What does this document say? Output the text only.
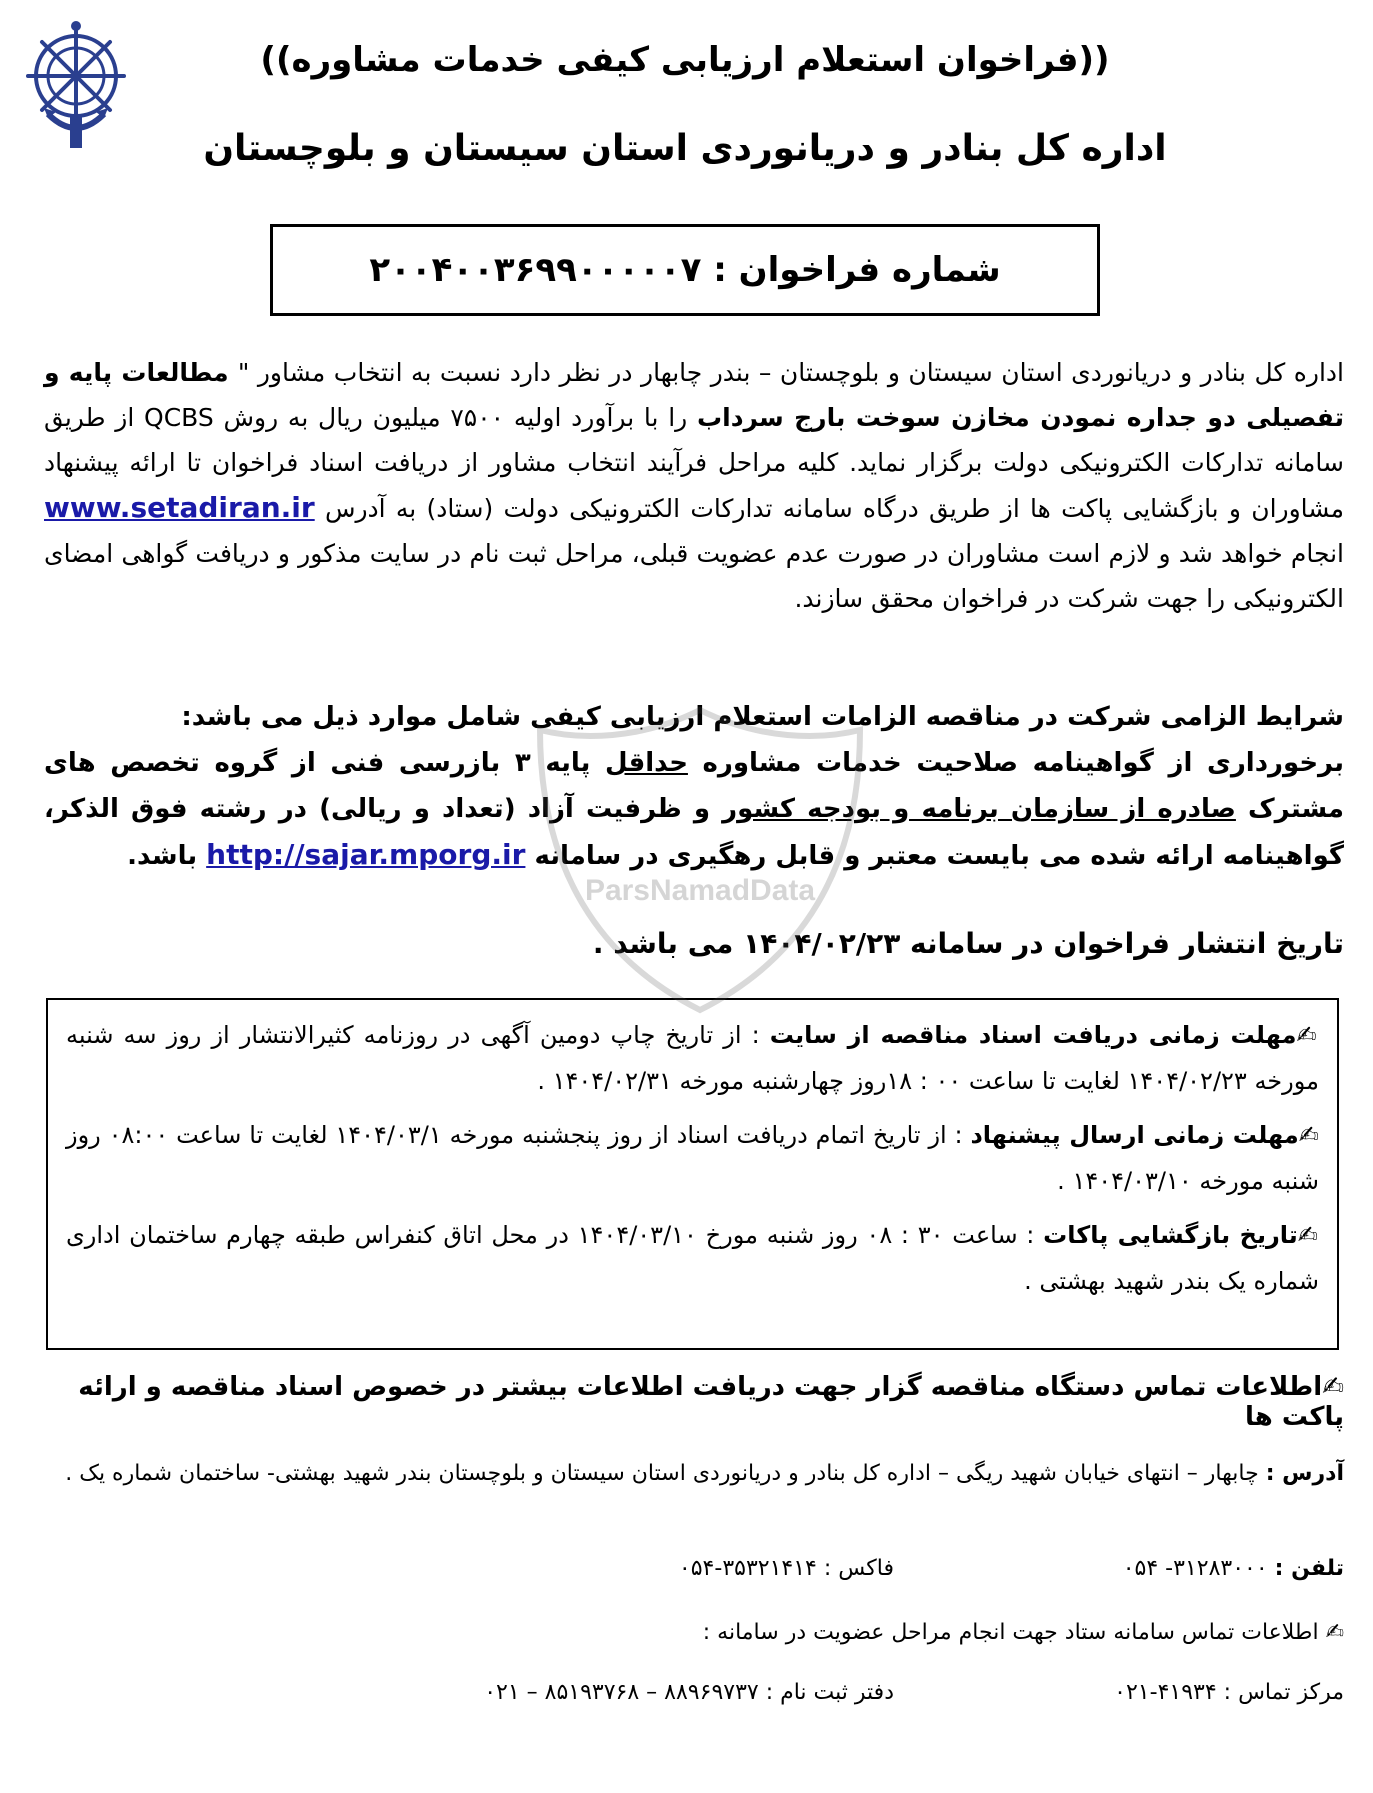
((فراخوان استعلام ارزیابی کیفی خدمات مشاوره))
اداره کل بنادر و دریانوردی استان سیستان و بلوچستان
شماره فراخوان : ۲۰۰۴۰۰۳۶۹۹۰۰۰۰۰۷
اداره کل بنادر و دریانوردی استان سیستان و بلوچستان – بندر چابهار در نظر دارد نسبت به انتخاب مشاور " مطالعات پایه و تفصیلی دو جداره نمودن مخازن سوخت بارج سرداب را با برآورد اولیه ۷۵۰۰ میلیون ریال به روش QCBS از طریق سامانه تدارکات الکترونیکی دولت برگزار نماید. کلیه مراحل فرآیند انتخاب مشاور از دریافت اسناد فراخوان تا ارائه پیشنهاد مشاوران و بازگشایی پاکت ها از طریق درگاه سامانه تدارکات الکترونیکی دولت (ستاد) به آدرس www.setadiran.ir انجام خواهد شد و لازم است مشاوران در صورت عدم عضویت قبلی، مراحل ثبت نام در سایت مذکور و دریافت گواهی امضای الکترونیکی را جهت شرکت در فراخوان محقق سازند.
شرایط الزامی شرکت در مناقصه الزامات استعلام ارزیابی کیفی شامل موارد ذیل می باشد:
برخورداری از گواهینامه صلاحیت خدمات مشاوره حداقل پایه ۳ بازرسی فنی از گروه تخصص های مشترک صادره از سازمان برنامه و بودجه کشور و ظرفیت آزاد (تعداد و ریالی) در رشته فوق الذکر، گواهینامه ارائه شده می بایست معتبر و قابل رهگیری در سامانه http://sajar.mporg.ir باشد.
تاریخ انتشار فراخوان در سامانه ۱۴۰۴/۰۲/۲۳ می باشد .

✍مهلت زمانی دریافت اسناد مناقصه از سایت : از تاریخ چاپ دومین آگهی در روزنامه کثیرالانتشار از روز سه شنبه مورخه ۱۴۰۴/۰۲/۲۳ لغایت تا ساعت ۰۰ : ۱۸روز چهارشنبه مورخه ۱۴۰۴/۰۲/۳۱ .

✍مهلت زمانی ارسال پیشنهاد : از تاریخ اتمام دریافت اسناد از روز پنجشنبه مورخه ۱۴۰۴/۰۳/۱ لغایت تا ساعت ۰۸:۰۰ روز شنبه مورخه ۱۴۰۴/۰۳/۱۰ .

✍تاریخ بازگشایی پاکات : ساعت ۳۰ : ۰۸ روز شنبه مورخ ۱۴۰۴/۰۳/۱۰ در محل اتاق کنفراس طبقه چهارم ساختمان اداری شماره یک بندر شهید بهشتی .

✍اطلاعات تماس دستگاه مناقصه گزار جهت دریافت اطلاعات بیشتر در خصوص اسناد مناقصه و ارائه پاکت ها
آدرس : چابهار – انتهای خیابان شهید ریگی – اداره کل بنادر و دریانوردی استان سیستان و بلوچستان بندر شهید بهشتی- ساختمان شماره یک .
تلفن : ۳۱۲۸۳۰۰۰- ۰۵۴
فاکس : ۳۵۳۲۱۴۱۴-۰۵۴
✍ اطلاعات تماس سامانه ستاد جهت انجام مراحل عضویت در سامانه :
مرکز تماس : ۴۱۹۳۴-۰۲۱
دفتر ثبت نام : ۸۸۹۶۹۷۳۷ – ۸۵۱۹۳۷۶۸ – ۰۲۱
ParsNamadData
